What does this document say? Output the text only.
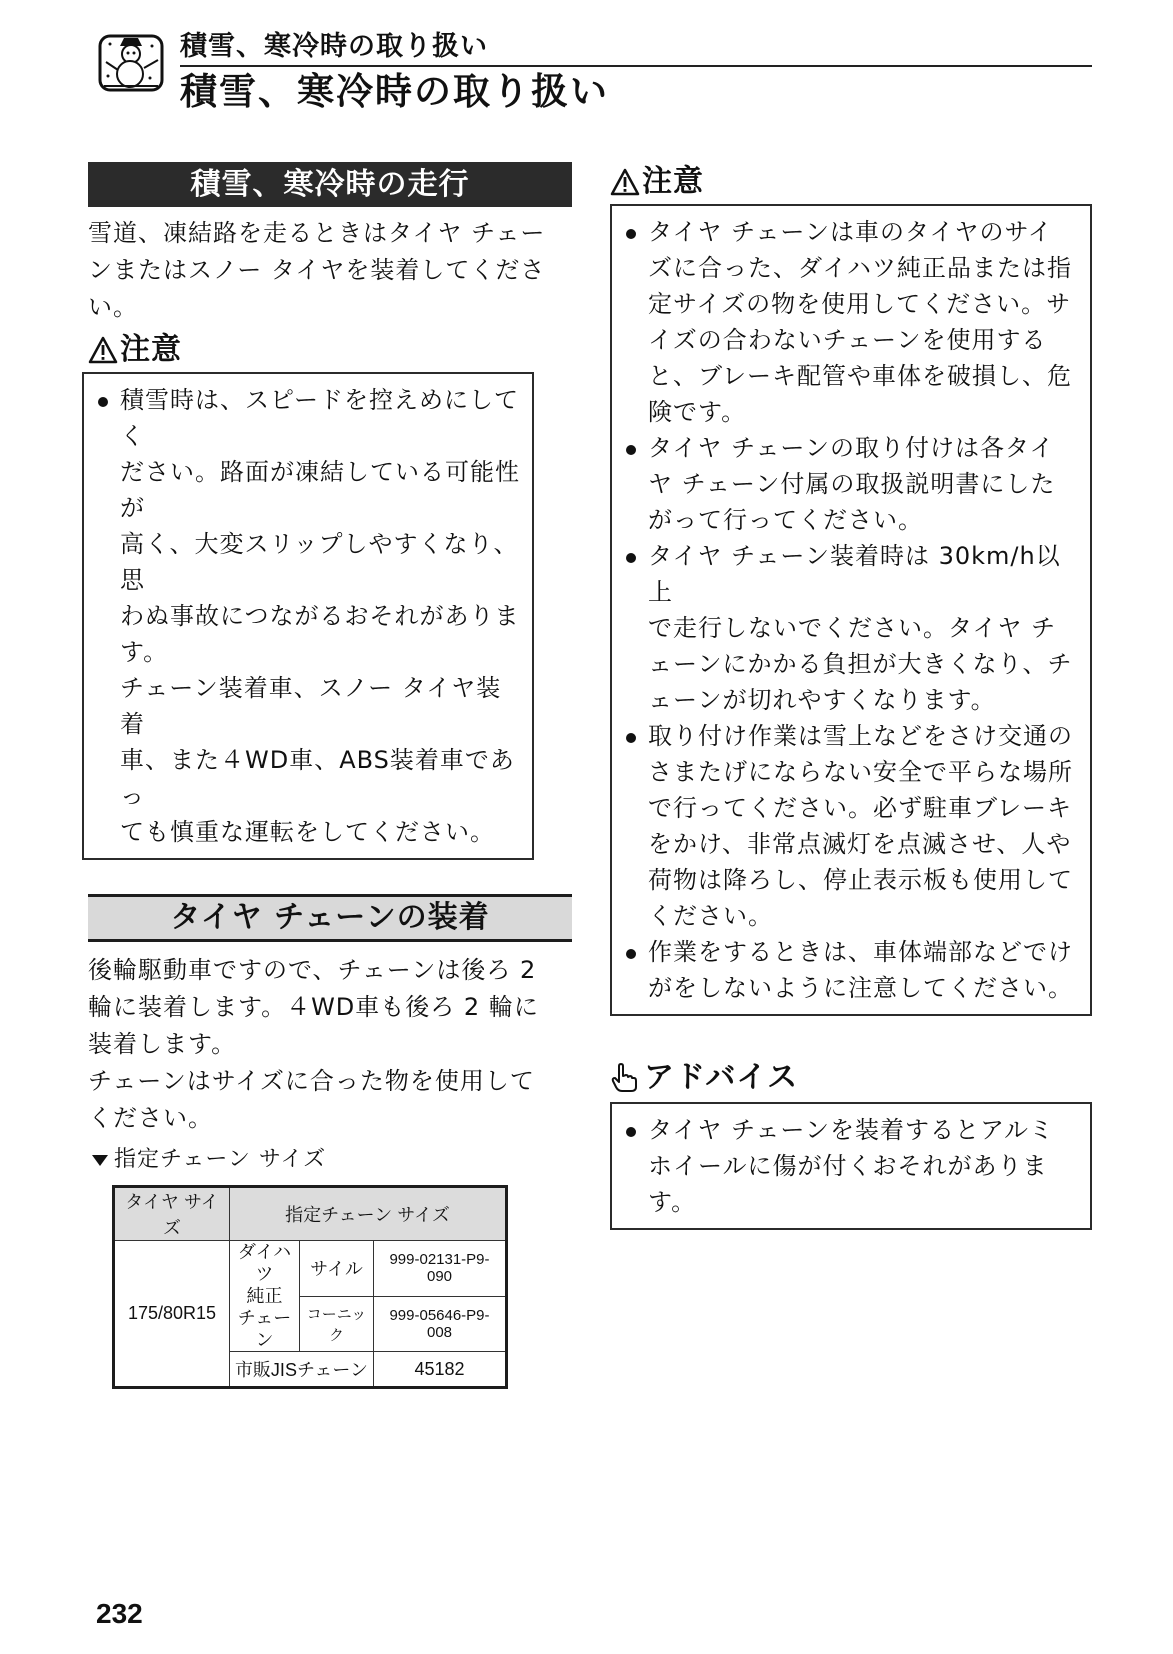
積雪、寒冷時の取り扱い
積雪、寒冷時の取り扱い
積雪、寒冷時の走行
雪道、凍結路を走るときはタイヤ チェー
ンまたはスノー タイヤを装着してくださ
い。
注意
積雪時は、スピードを控えめにしてく
ださい。路面が凍結している可能性が
高く、大変スリップしやすくなり、思
わぬ事故につながるおそれがありま
す。
チェーン装着車、スノー タイヤ装着
車、また４WD車、ABS装着車であっ
ても慎重な運転をしてください。
タイヤ チェーンの装着
後輪駆動車ですので、チェーンは後ろ 2
輪に装着します。４WD車も後ろ 2 輪に
装着します。
チェーンはサイズに合った物を使用して
ください。
指定チェーン サイズ
タイヤ サイズ	指定チェーン サイズ		
175/80R15	ダイハツ
純正
チェーン	サイル	999-02131-P9-090
		コーニック	999-05646-P9-008
	市販JISチェーン		45182
注意
タイヤ チェーンは車のタイヤのサイ
ズに合った、ダイハツ純正品または指
定サイズの物を使用してください。サ
イズの合わないチェーンを使用する
と、ブレーキ配管や車体を破損し、危
険です。
タイヤ チェーンの取り付けは各タイ
ヤ チェーン付属の取扱説明書にした
がって行ってください。
タイヤ チェーン装着時は 30km/h以上
で走行しないでください。タイヤ チ
ェーンにかかる負担が大きくなり、チ
ェーンが切れやすくなります。
取り付け作業は雪上などをさけ交通の
さまたげにならない安全で平らな場所
で行ってください。必ず駐車ブレーキ
をかけ、非常点滅灯を点滅させ、人や
荷物は降ろし、停止表示板も使用して
ください。
作業をするときは、車体端部などでけ
がをしないように注意してください。
アドバイス
タイヤ チェーンを装着するとアルミ
ホイールに傷が付くおそれがありま
す。
232
